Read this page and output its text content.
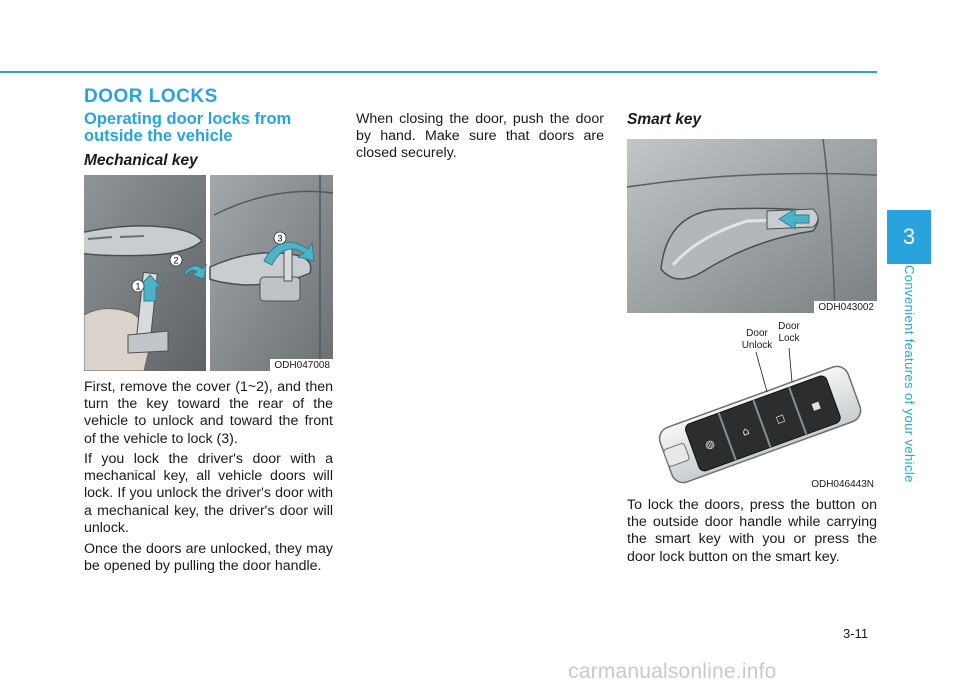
DOOR LOCKS
Operating door locks from outside the vehicle
Mechanical key
1
2
3
ODH047008

First, remove the cover (1~2), and then turn the key toward the rear of the vehicle to unlock and toward the front of the vehicle to lock (3).

If you lock the driver's door with a mechanical key, all vehicle doors will lock. If you unlock the driver's door with a mechanical key, the driver's door will unlock.

Once the doors are unlocked, they may be opened by pulling the door handle.

When closing the door, push the door by hand. Make sure that doors are closed securely.

Smart key
ODH043002
◍
⌂
◻
◼
Door
Unlock
Door
Lock
ODH046443N

To lock the doors, press the button on the outside door handle while carrying the smart key with you or press the door lock button on the smart key.

3
Convenient features of your vehicle
3-11
carmanualsonline.info
